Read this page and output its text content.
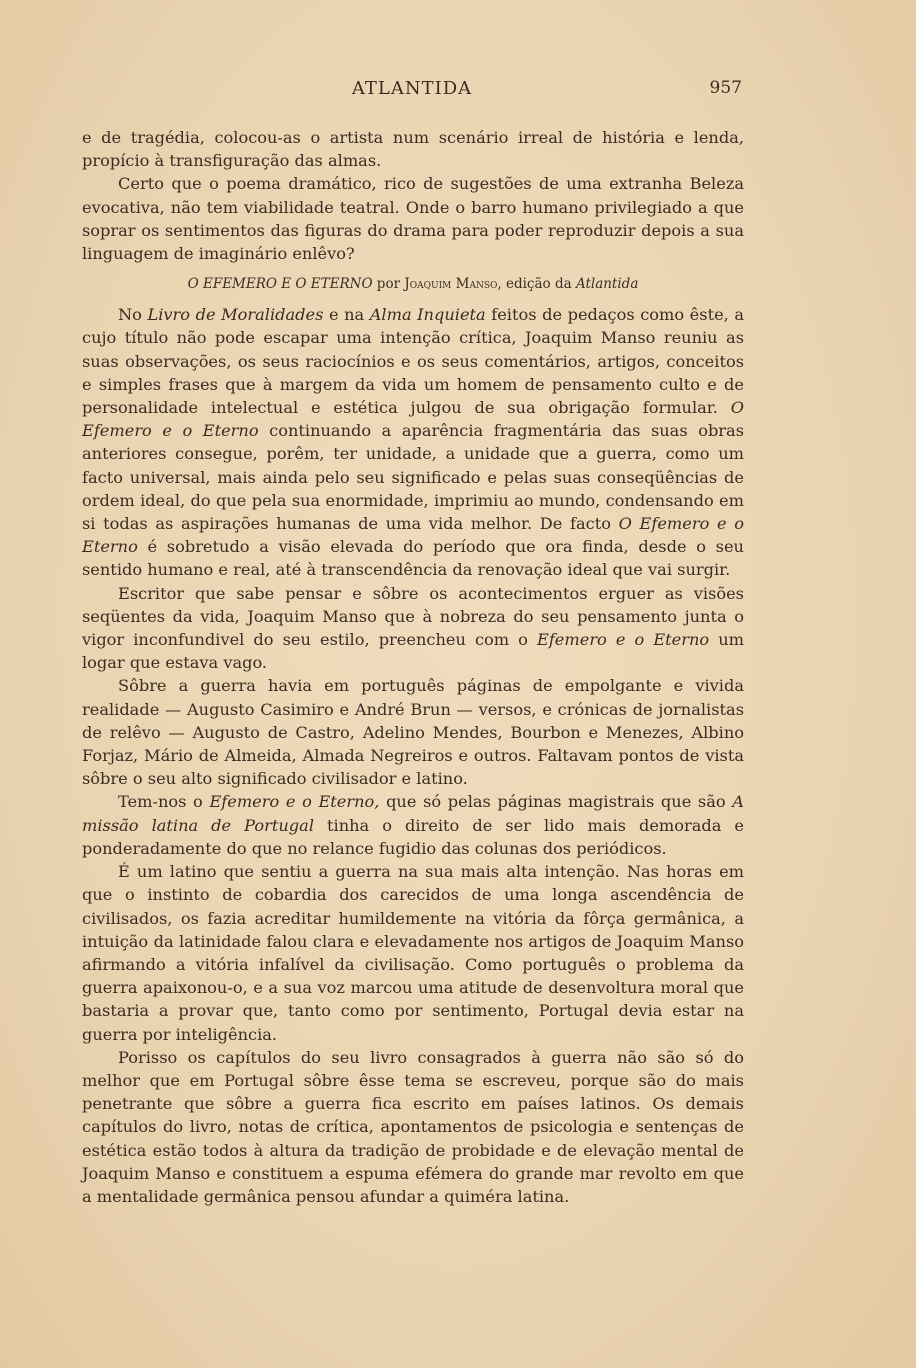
ATLANTIDA	957

e de tragédia, colocou-as o artista num scenário irreal de história e lenda, propício à transfiguração das almas.

Certo que o poema dramático, rico de sugestões de uma extranha Beleza evocativa, não tem viabilidade teatral. Onde o barro humano privilegiado a que soprar os sentimentos das figuras do drama para poder reproduzir depois a sua linguagem de imaginário enlêvo?

O EFEMERO E O ETERNO por Joaquim Manso, edição da Atlantida

No Livro de Moralidades e na Alma Inquieta feitos de pedaços como êste, a cujo título não pode escapar uma intenção crítica, Joaquim Manso reuniu as suas observações, os seus raciocínios e os seus comentários, artigos, conceitos e simples frases que à margem da vida um homem de pensamento culto e de personalidade intelectual e estética julgou de sua obrigação formular. O Efemero e o Eterno continuando a aparência fragmentária das suas obras anteriores consegue, porêm, ter unidade, a unidade que a guerra, como um facto universal, mais ainda pelo seu significado e pelas suas conseqüências de ordem ideal, do que pela sua enormidade, imprimiu ao mundo, condensando em si todas as aspirações humanas de uma vida melhor. De facto O Efemero e o Eterno é sobretudo a visão elevada do período que ora finda, desde o seu sentido humano e real, até à transcendência da renovação ideal que vai surgir.

Escritor que sabe pensar e sôbre os acontecimentos erguer as visões seqüentes da vida, Joaquim Manso que à nobreza do seu pensamento junta o vigor inconfundivel do seu estilo, preencheu com o Efemero e o Eterno um logar que estava vago.

Sôbre a guerra havia em português páginas de empolgante e vivida realidade — Augusto Casimiro e André Brun — versos, e crónicas de jornalistas de relêvo — Augusto de Castro, Adelino Mendes, Bourbon e Menezes, Albino Forjaz, Mário de Almeida, Almada Negreiros e outros. Faltavam pontos de vista sôbre o seu alto significado civilisador e latino.

Tem-nos o Efemero e o Eterno, que só pelas páginas magistrais que são A missão latina de Portugal tinha o direito de ser lido mais demorada e ponderadamente do que no relance fugidio das colunas dos periódicos.

É um latino que sentiu a guerra na sua mais alta intenção. Nas horas em que o instinto de cobardia dos carecidos de uma longa ascendência de civilisados, os fazia acreditar humildemente na vitória da fôrça germânica, a intuição da latinidade falou clara e elevadamente nos artigos de Joaquim Manso afirmando a vitória infalível da civilisação. Como português o problema da guerra apaixonou-o, e a sua voz marcou uma atitude de desenvoltura moral que bastaria a provar que, tanto como por sentimento, Portugal devia estar na guerra por inteligência.

Porisso os capítulos do seu livro consagrados à guerra não são só do melhor que em Portugal sôbre êsse tema se escreveu, porque são do mais penetrante que sôbre a guerra fica escrito em países latinos. Os demais capítulos do livro, notas de crítica, apontamentos de psicologia e sentenças de estética estão todos à altura da tradição de probidade e de elevação mental de Joaquim Manso e constituem a espuma efémera do grande mar revolto em que a mentalidade germânica pensou afundar a quiméra latina.
